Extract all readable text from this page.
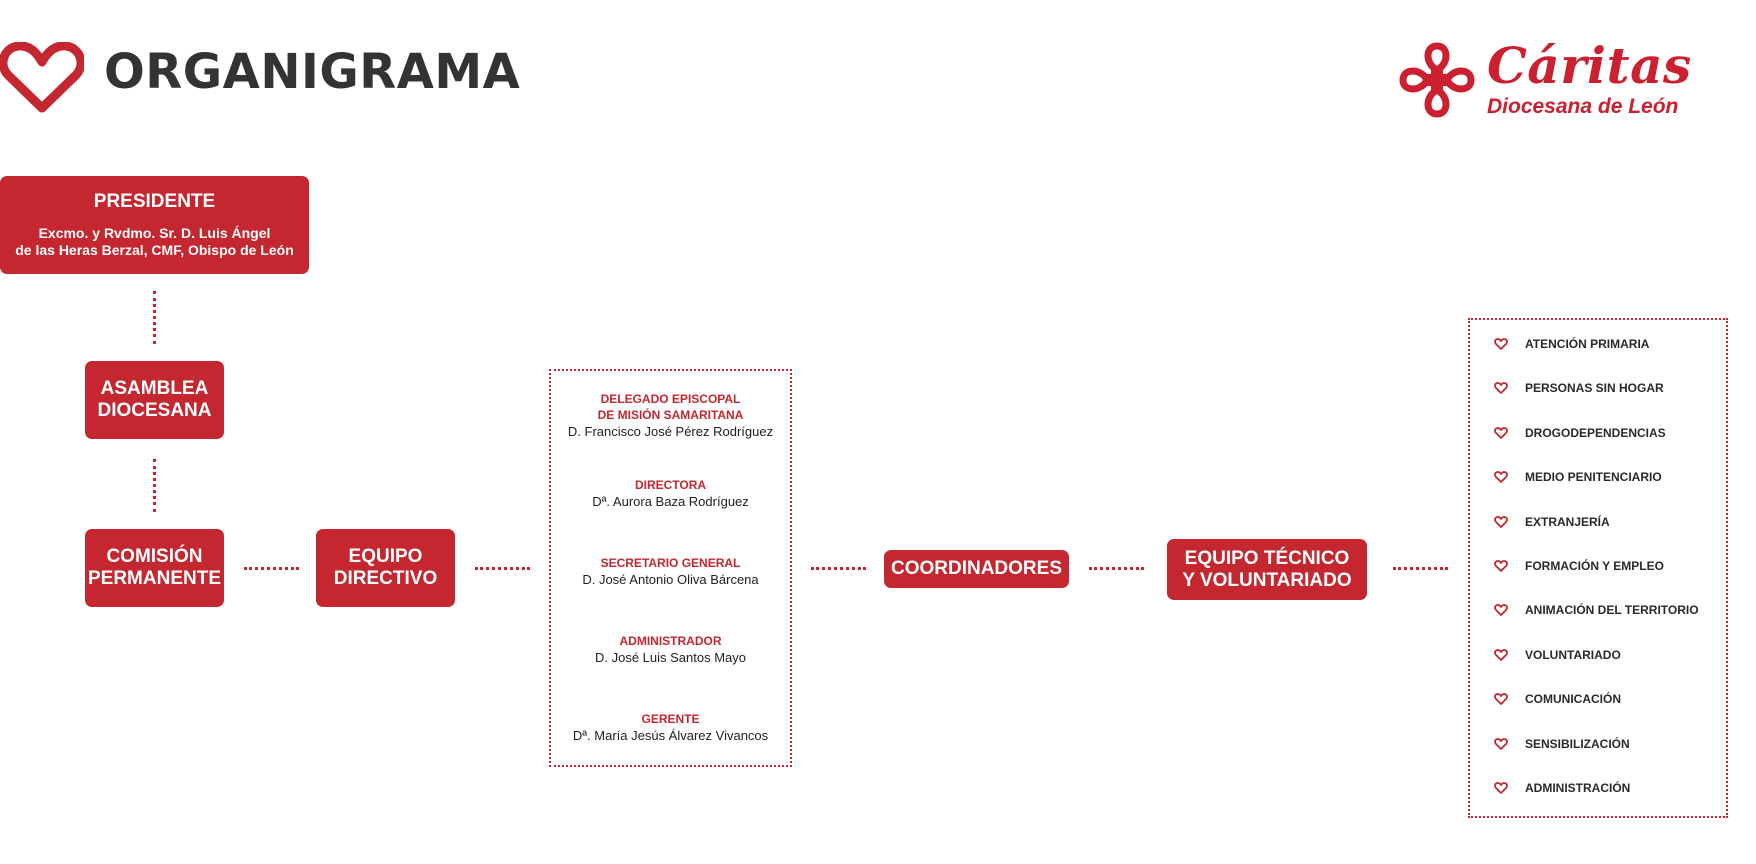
ORGANIGRAMA	Cáritas
Diocesana de León
PRESIDENTE
Excmo. y Rvdmo. Sr. D. Luis Ángel
de las Heras Berzal, CMF, Obispo de León
ASAMBLEA
DIOCESANA
COMISIÓN
PERMANENTE
EQUIPO
DIRECTIVO
DELEGADO EPISCOPAL
DE MISIÓN SAMARITANA
D. Francisco José Pérez Rodríguez
DIRECTORA
Dª. Aurora Baza Rodríguez
SECRETARIO GENERAL
D. José Antonio Oliva Bárcena
ADMINISTRADOR
D. José Luis Santos Mayo
GERENTE
Dª. María Jesús Álvarez Vivancos
COORDINADORES	EQUIPO TÉCNICO
Y VOLUNTARIADO
ATENCIÓN PRIMARIA
PERSONAS SIN HOGAR
DROGODEPENDENCIAS
MEDIO PENITENCIARIO
EXTRANJERÍA
FORMACIÓN Y EMPLEO
ANIMACIÓN DEL TERRITORIO
VOLUNTARIADO
COMUNICACIÓN
SENSIBILIZACIÓN
ADMINISTRACIÓN
